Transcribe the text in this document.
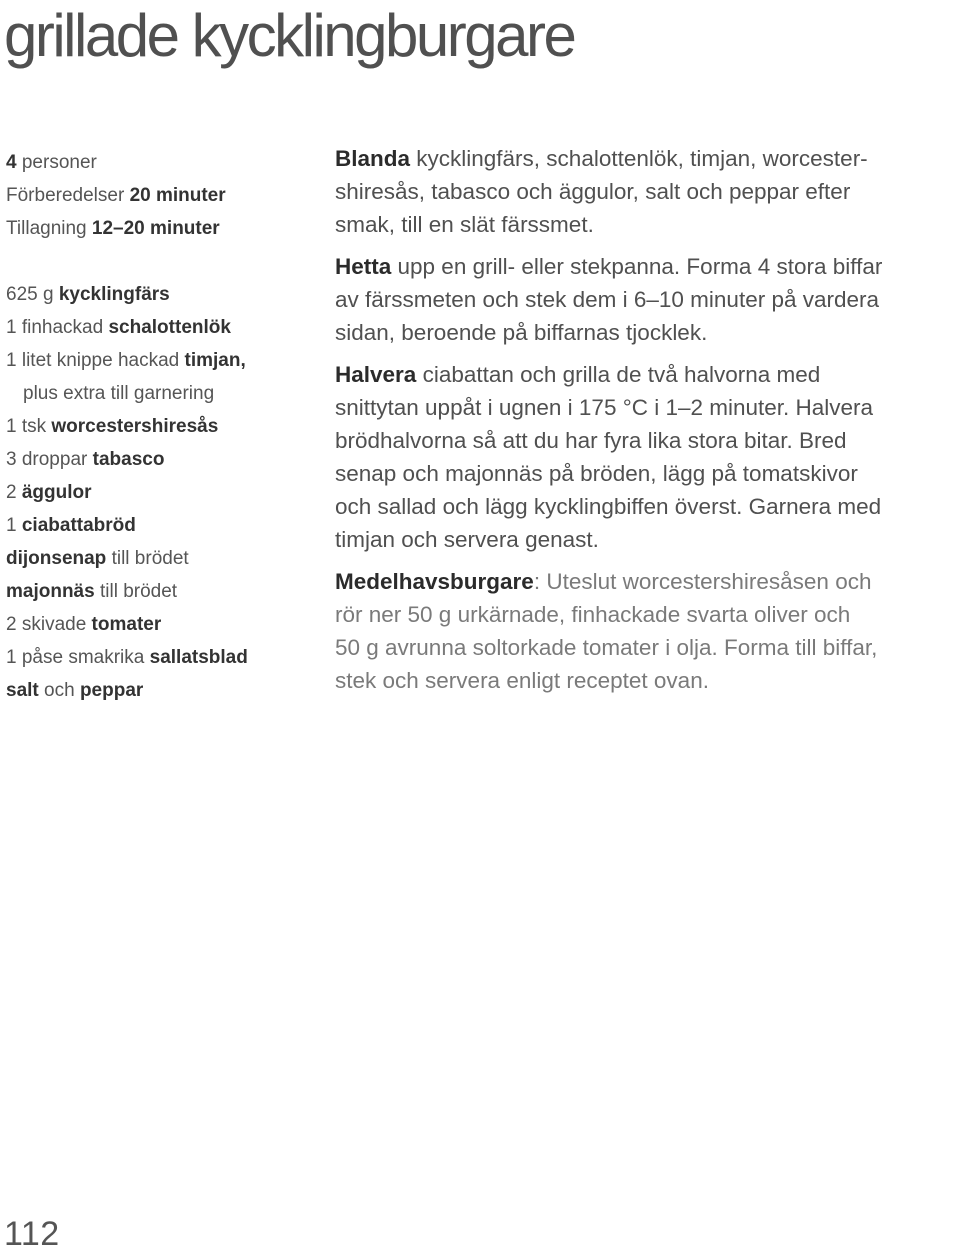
grillade kycklingburgare
4 personer
Förberedelser 20 minuter
Tillagning 12–20 minuter
625 g kycklingfärs
1 finhackad schalottenlök
1 litet knippe hackad timjan,
plus extra till garnering
1 tsk worcestershiresås
3 droppar tabasco
2 äggulor
1 ciabattabröd
dijonsenap till brödet
majonnäs till brödet
2 skivade tomater
1 påse smakrika sallatsblad
salt och peppar

Blanda kycklingfärs, schalottenlök, timjan, worcester-
shiresås, tabasco och äggulor, salt och peppar efter
smak, till en slät färssmet.

Hetta upp en grill- eller stekpanna. Forma 4 stora biffar
av färssmeten och stek dem i 6–10 minuter på vardera
sidan, beroende på biffarnas tjocklek.

Halvera ciabattan och grilla de två halvorna med
snittytan uppåt i ugnen i 175 °C i 1–2 minuter. Halvera
brödhalvorna så att du har fyra lika stora bitar. Bred
senap och majonnäs på bröden, lägg på tomatskivor
och sallad och lägg kycklingbiffen överst. Garnera med
timjan och servera genast.

Medelhavsburgare: Uteslut worcestershiresåsen och
rör ner 50 g urkärnade, finhackade svarta oliver och
50 g avrunna soltorkade tomater i olja. Forma till biffar,
stek och servera enligt receptet ovan.

112
